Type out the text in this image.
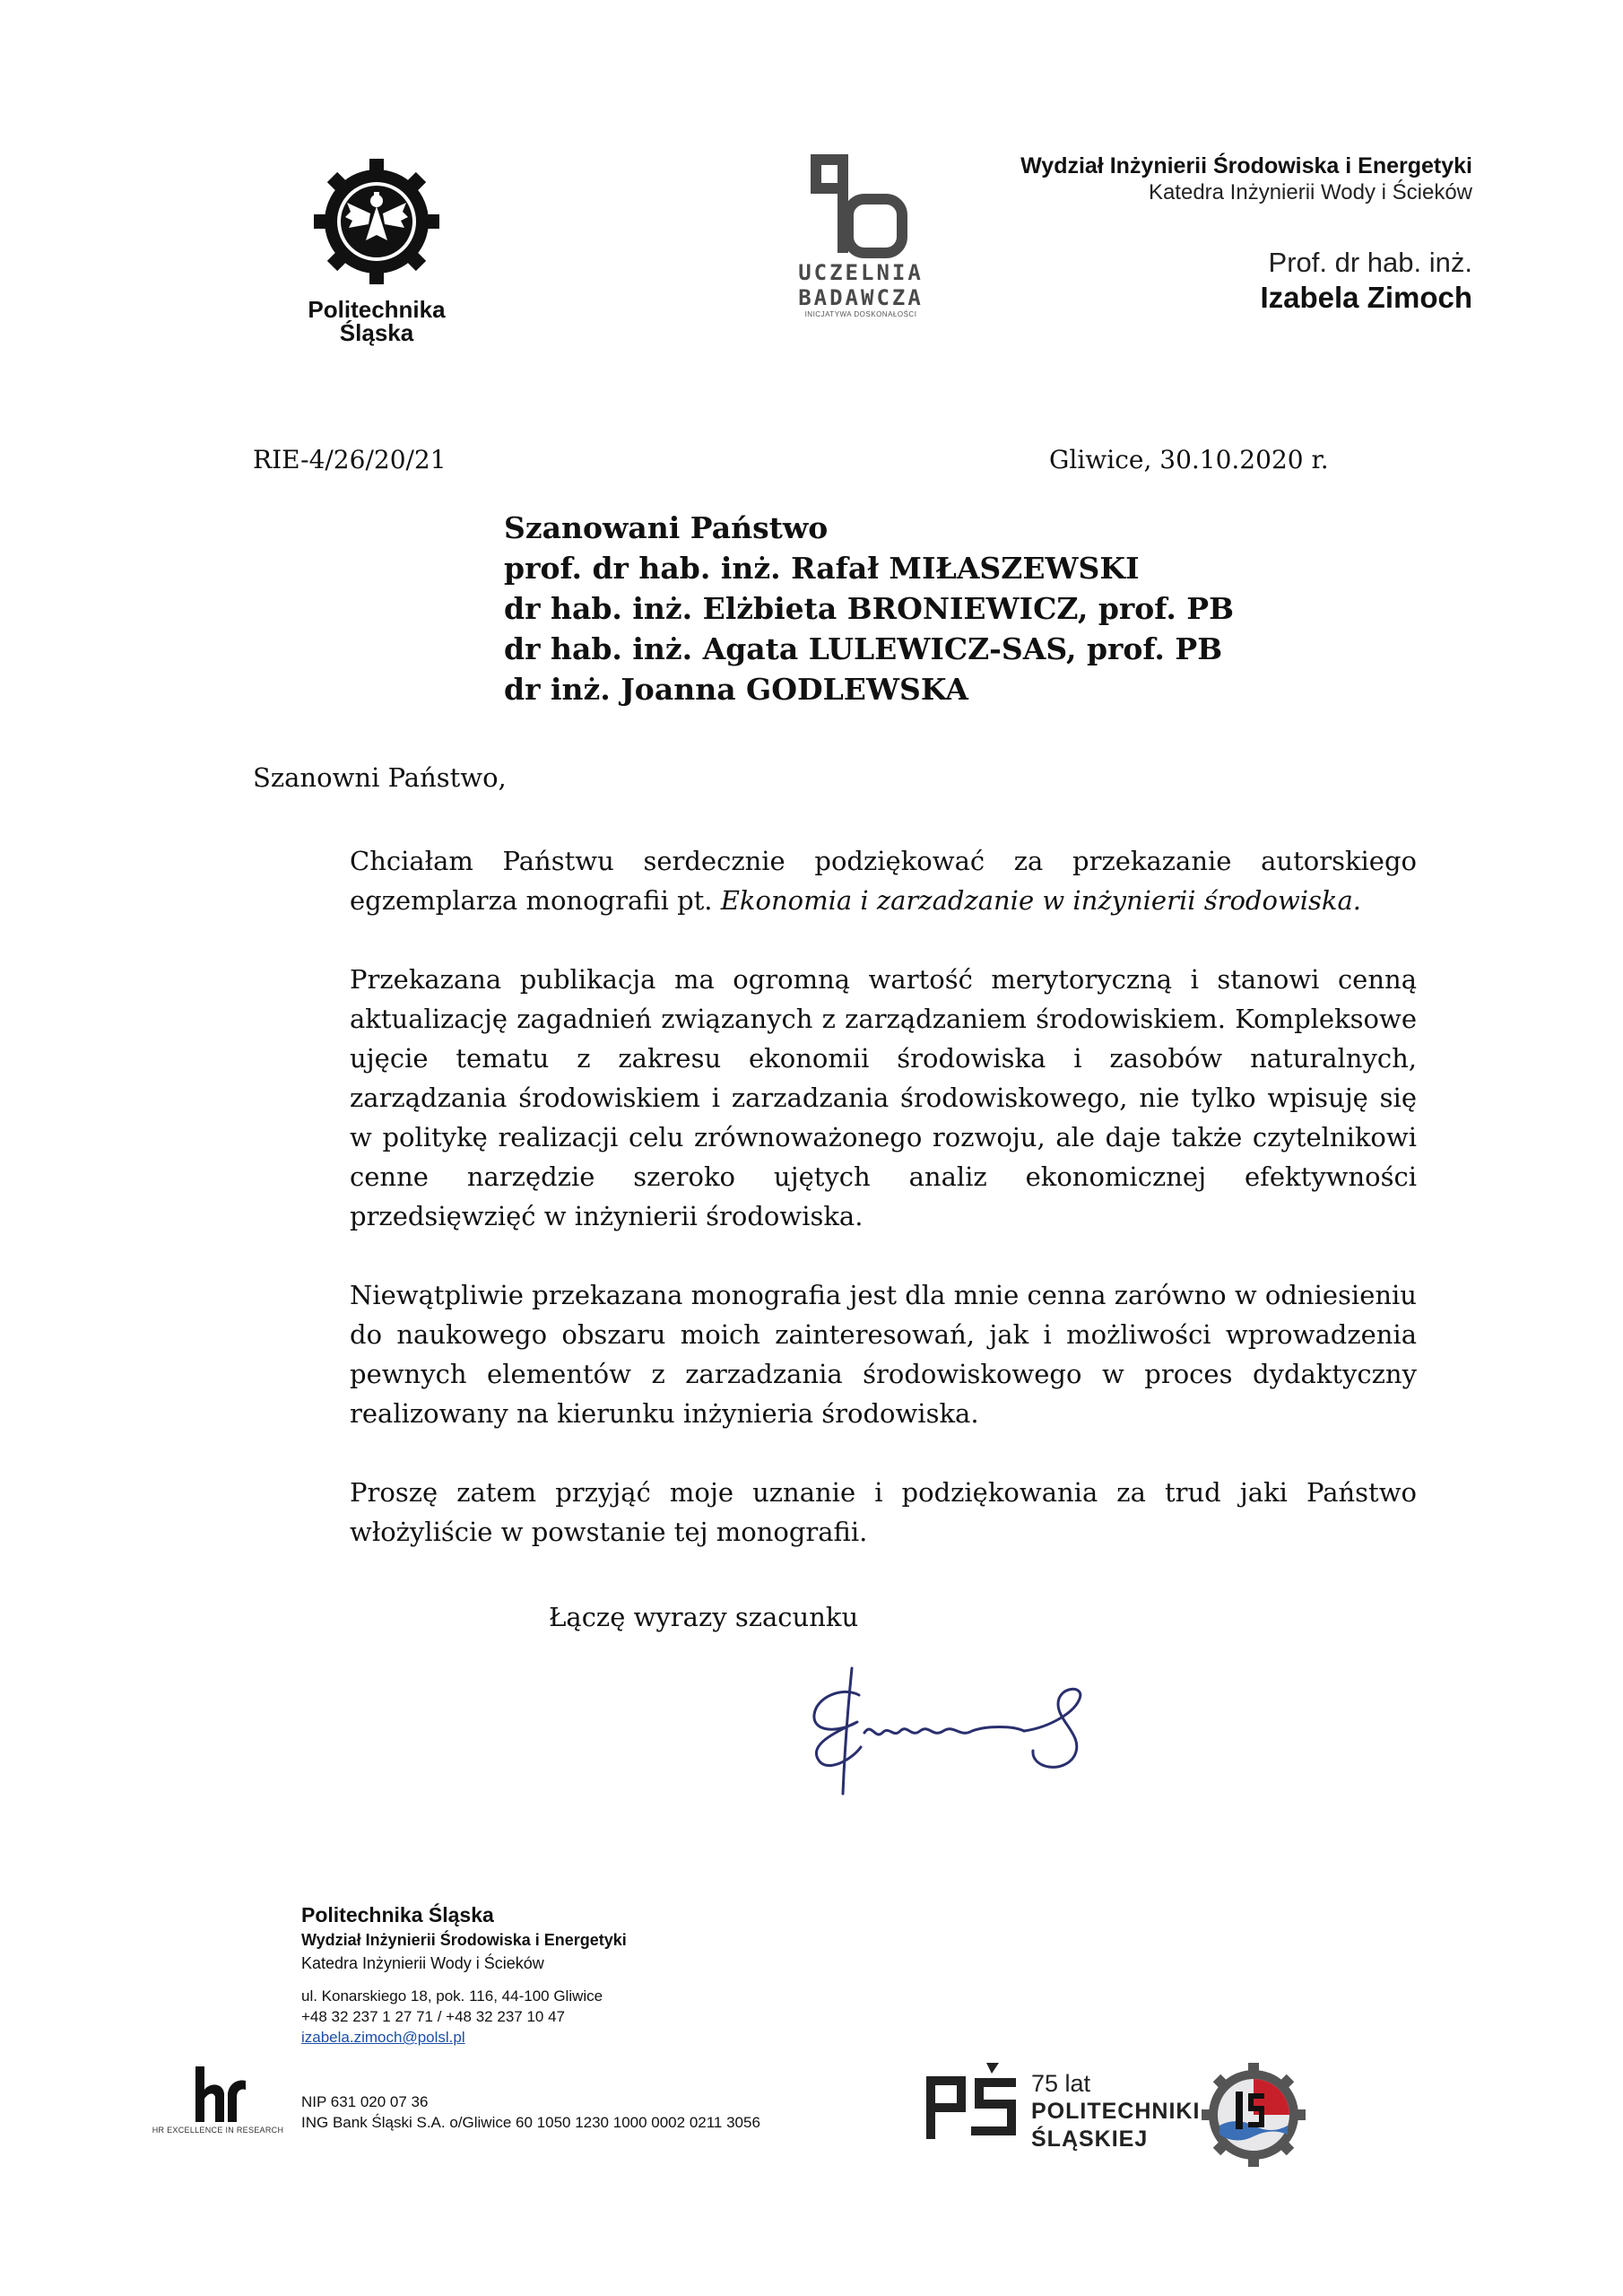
Politechnika
Śląska
UCZELNIA
BADAWCZA
INICJATYWA DOSKONAŁOŚCI
Wydział Inżynierii Środowiska i Energetyki
Katedra Inżynierii Wody i Ścieków
Prof. dr hab. inż.
Izabela Zimoch
RIE-4/26/20/21	Gliwice, 30.10.2020 r.
Szanowani Państwo
prof. dr hab. inż. Rafał MIŁASZEWSKI
dr hab. inż. Elżbieta BRONIEWICZ, prof. PB
dr hab. inż. Agata LULEWICZ-SAS, prof. PB
dr inż. Joanna GODLEWSKA
Szanowni Państwo,

Chciałam Państwu serdecznie podziękować za przekazanie autorskiego egzemplarza monografii pt. Ekonomia i zarzadzanie w inżynierii środowiska.

Przekazana publikacja ma ogromną wartość merytoryczną i stanowi cenną aktualizację zagadnień związanych z zarządzaniem środowiskiem. Kompleksowe ujęcie tematu z zakresu ekonomii środowiska i zasobów naturalnych, zarządzania środowiskiem i zarzadzania środowiskowego, nie tylko wpisuję się w politykę realizacji celu zrównoważonego rozwoju, ale daje także czytelnikowi cenne narzędzie szeroko ujętych analiz ekonomicznej efektywności przedsięwzięć w inżynierii środowiska.

Niewątpliwie przekazana monografia jest dla mnie cenna zarówno w odniesieniu do naukowego obszaru moich zainteresowań, jak i możliwości wprowadzenia pewnych elementów z zarzadzania środowiskowego w proces dydaktyczny realizowany na kierunku inżynieria środowiska.

Proszę zatem przyjąć moje uznanie i podziękowania za trud jaki Państwo włożyliście w powstanie tej monografii.

Łączę wyrazy szacunku
Politechnika Śląska
Wydział Inżynierii Środowiska i Energetyki
Katedra Inżynierii Wody i Ścieków
ul. Konarskiego 18, pok. 116, 44-100 Gliwice
+48 32 237 1 27 71 / +48 32 237 10 47
izabela.zimoch@polsl.pl
NIP 631 020 07 36
ING Bank Śląski S.A. o/Gliwice 60 1050 1230 1000 0002 0211 3056
HR EXCELLENCE IN RESEARCH
75 lat
POLITECHNIKI
ŚLĄSKIEJ
